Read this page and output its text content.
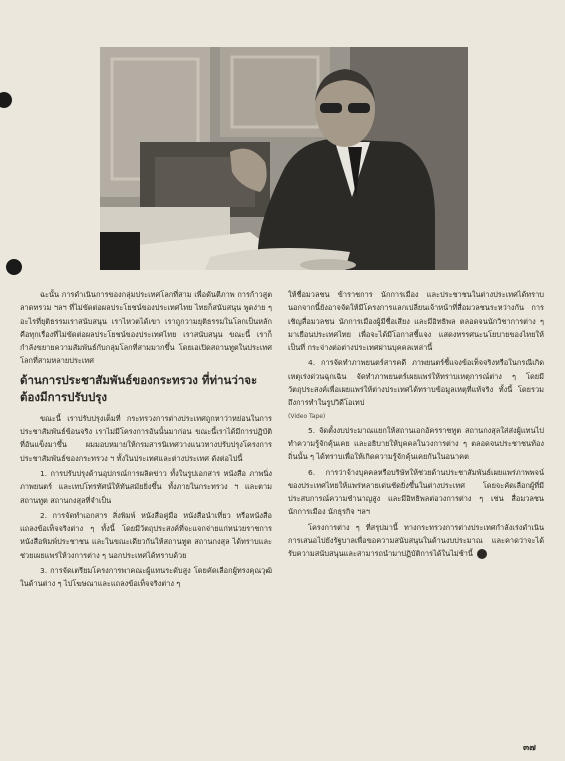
ฉะนั้น การดำเนินการของกลุ่มประเทศโลกที่สาม เพื่อดันตีภาพ การก้าวสูตลาดทรวม ฯลฯ ที่ไม่ขัดต่อผลประโยชน์ของประเทศไทย ไทยก็สนับสนุน พูดง่าย ๆ อะไรที่ยุติธรรมเราสนับสนุน เราไหวตได้เขา เราถูกวามยุติธรรมในโลกเป็นหลัก คือทุกเรื่องที่ไม่ขัดต่อผลประโยชน์ของประเทศไทย เราสนับสนุน ขณะนี้ เราก็กำลังขยายความสัมพันธ์กับกลุ่มโลกที่สามมากขึ้น โดยเอเปิดสถานทูตในประเทศโลกที่สามหลายประเทศ

ด้านการประชาสัมพันธ์ของกระทรวง ที่ท่านว่าจะต้องมีการปรับปรุง

ขณะนี้ เราปรับปรุงเต็มที่ กระทรวงการต่างประเทศถูกหาว่าหย่อนในการประชาสัมพันธ์ข้อนจริง เราไม่มีโครงการอันนั้นมาก่อน ขณะนี้เราได้มีการปฏิบัติที่อันแข็งมาขึ้น ผมมอบหมายให้กรมสารนิเทศวางแนวทางปรับปรุงโครงการประชาสัมพันธ์ของกระทรวง ฯ ทั้งในประเทศและต่างประเทศ ดังต่อไปนี้

1. การปรับปรุงด้านอุปกรณ์การผลิตข่าว ทั้งในรูปเอกสาร หนังสือ ภาพนิ่ง ภาพยนตร์ และเทปโทรทัศน์ให้ทันสมัยยิ่งขึ้น ทั้งภายในกระทรวง ฯ และตามสถานทูต สถานกงสุลที่จำเป็น

2. การจัดทำเอกสาร สิ่งพิมพ์ หนังสือคู่มือ หนังสือนำเที่ยว หรือหนังสือแถลงข้อเท็จจริงต่าง ๆ ทั้งนี้ โดยมีวัตถุประสงค์ที่จะแจกจ่ายแก่หน่วยราชการ หนังสือพิมพ์ประชาชน และในขณะเดียวกันให้สถานทูต สถานกงสุล ได้ทราบและช่วยเผยแพร่ให้วงการต่าง ๆ นอกประเทศได้ทราบด้วย

3. การจัดเตรียมโครงการพาคณะผู้แทนระดับสูง โดยคัดเลือกผู้ทรงคุณวุฒิในด้านต่าง ๆ ไปโฆษณาและแถลงข้อเท็จจริงต่าง ๆ

ให้ชื่อมวลชน ข้าราชการ นักการเมือง และประชาชนในต่างประเทศได้ทราบ นอกจากนี้ยังอาจจัดให้มีโครงการแลกเปลี่ยนเจ้าหน้าที่สื่อมวลชนระหว่างกัน การเชิญสื่อมวลชน นักการเมืองผู้มีชื่อเสียง และมีอิทธิพล ตลอดจนนักวิชาการต่าง ๆ มาเยือนประเทศไทย เพื่อจะได้มีโอกาสชี้แจง แสดงทรรศนะนโยบายของไทยให้เป็นที่ กระจ่างต่อต่างประเทศผ่านบุคคลเหล่านี้

4. การจัดทำภาพยนตร์สารคดี ภาพยนตร์ชี้แจงข้อเท็จจริงหรือในกรณีเกิดเหตุเร่งด่วนฉุกเฉิน จัดทำภาพยนตร์เผยแพร่ให้ทราบเหตุการณ์ต่าง ๆ โดยมีวัตถุประสงค์เพื่อเผยแพร่ให้ต่างประเทศได้ทราบข้อมูลเหตุที่แท้จริง ทั้งนี้ โดยรวมถึงการทำในรูปวิดีโอเทป

(Video Tape)

5. จัดตั้งงบประมาณแยกให้สถานเอกอัครราชทูต สถานกงสุลใส่ส่งผู้แทนไปทำความรู้จักคุ้นเคย และอธิบายให้บุคคลในวงการต่าง ๆ ตลอดจนประชาชนท้องถิ่นนั้น ๆ ได้ทราบเพื่อให้เกิดความรู้จักคุ้นเคยกันในอนาคต

6. การว่าจ้างบุคคลหรือบริษัทให้ช่วยด้านประชาสัมพันธ์เผยแพร่ภาพพจน์ของประเทศไทยให้แพร่หลายเด่นชัดยิ่งขึ้นในต่างประเทศ โดยจะคัดเลือกผู้ที่มีประสบการณ์ความชำนาญสูง และมีอิทธิพลต่อวงการต่าง ๆ เช่น สื่อมวลชน นักการเมือง นักธุรกิจ ฯลฯ

โครงการต่าง ๆ ที่สรุปมานี้ ทางกระทรวงการต่างประเทศกำลังเร่งดำเนินการเสนอไปยังรัฐบาลเพื่อขอความสนับสนุนในด้านงบประมาณ และคาดว่าจะได้รับความสนับสนุนและสามารถนำมาปฏิบัติการได้ในไม่ช้านี้

๓๗
